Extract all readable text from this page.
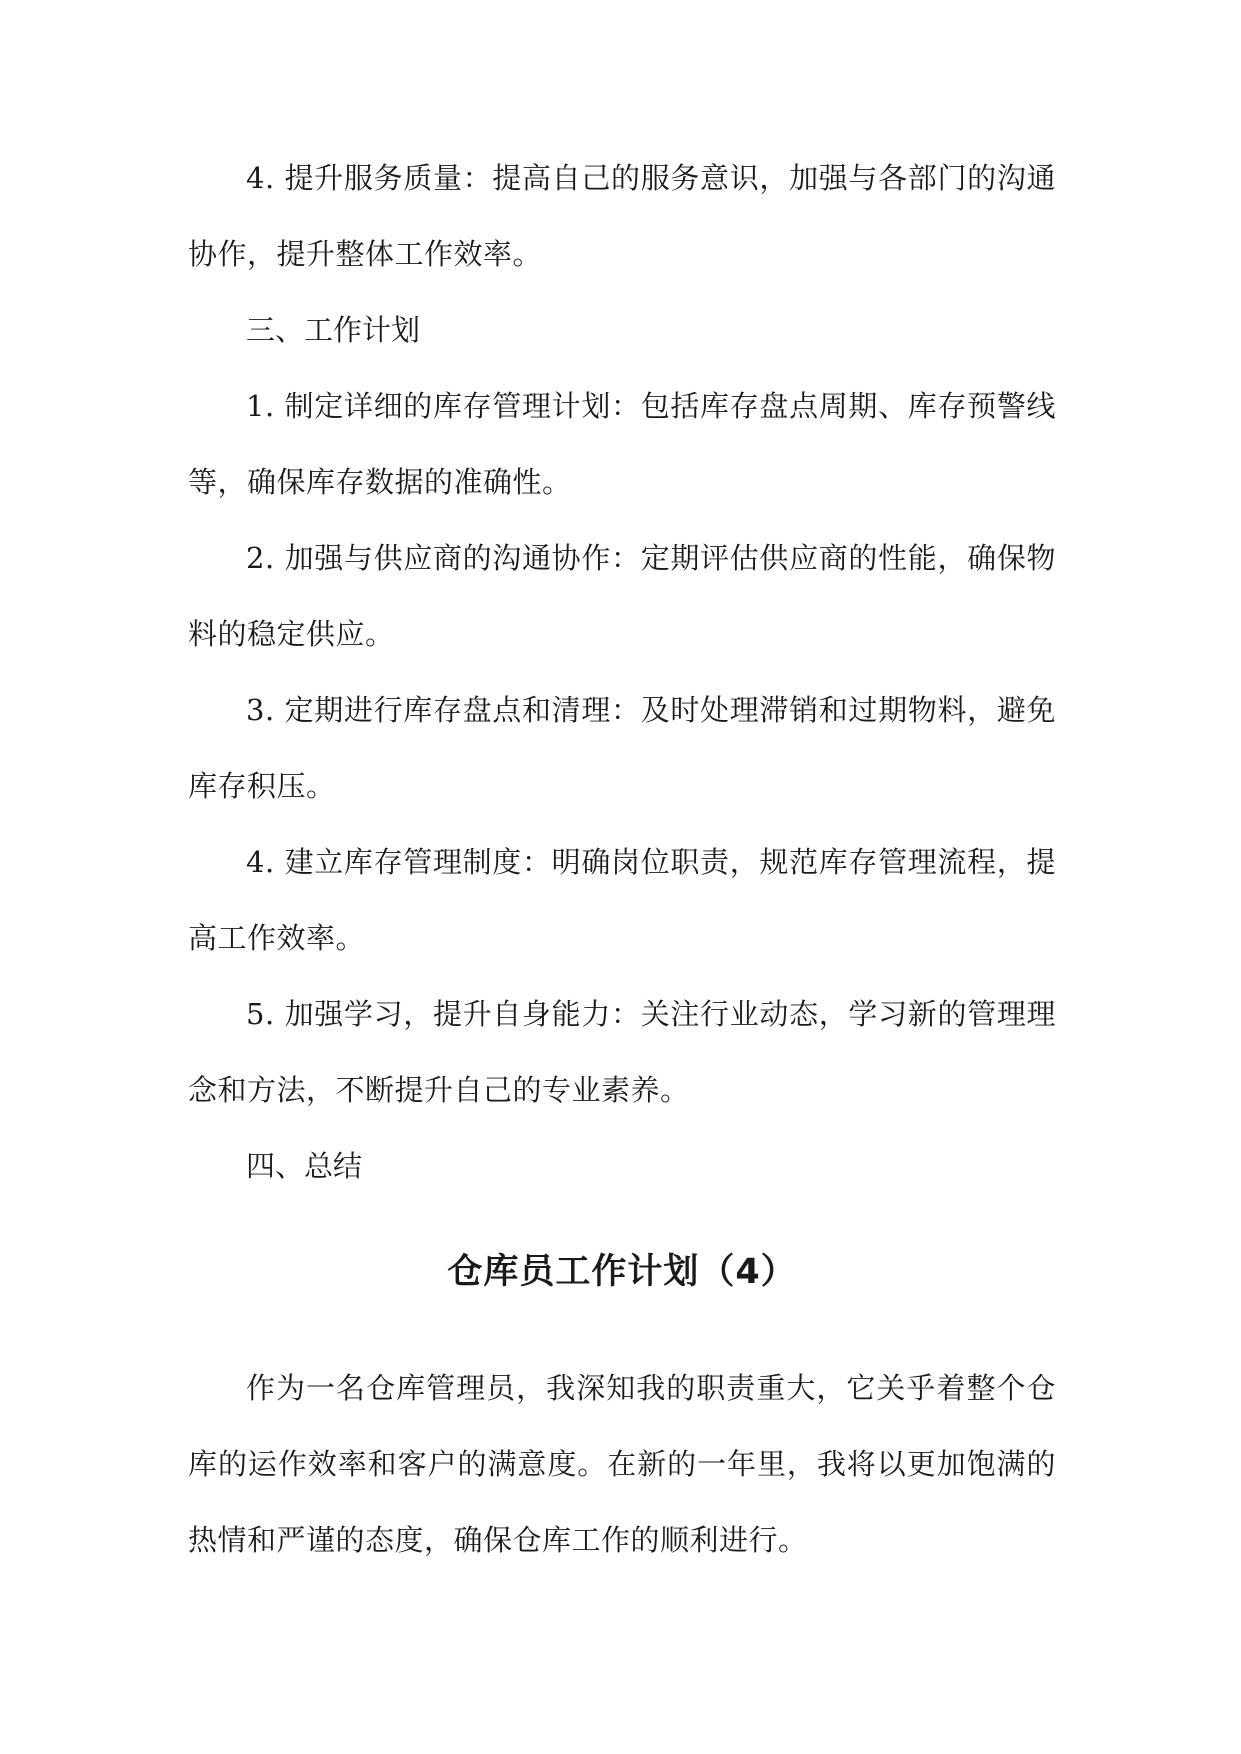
4. 提升服务质量：提高自己的服务意识，加强与各部门的沟通协作，提升整体工作效率。

三、工作计划

1. 制定详细的库存管理计划：包括库存盘点周期、库存预警线等，确保库存数据的准确性。

2. 加强与供应商的沟通协作：定期评估供应商的性能，确保物料的稳定供应。

3. 定期进行库存盘点和清理：及时处理滞销和过期物料，避免库存积压。

4. 建立库存管理制度：明确岗位职责，规范库存管理流程，提高工作效率。

5. 加强学习，提升自身能力：关注行业动态，学习新的管理理念和方法，不断提升自己的专业素养。

四、总结

仓库员工作计划（4）

作为一名仓库管理员，我深知我的职责重大，它关乎着整个仓库的运作效率和客户的满意度。在新的一年里，我将以更加饱满的热情和严谨的态度，确保仓库工作的顺利进行。
